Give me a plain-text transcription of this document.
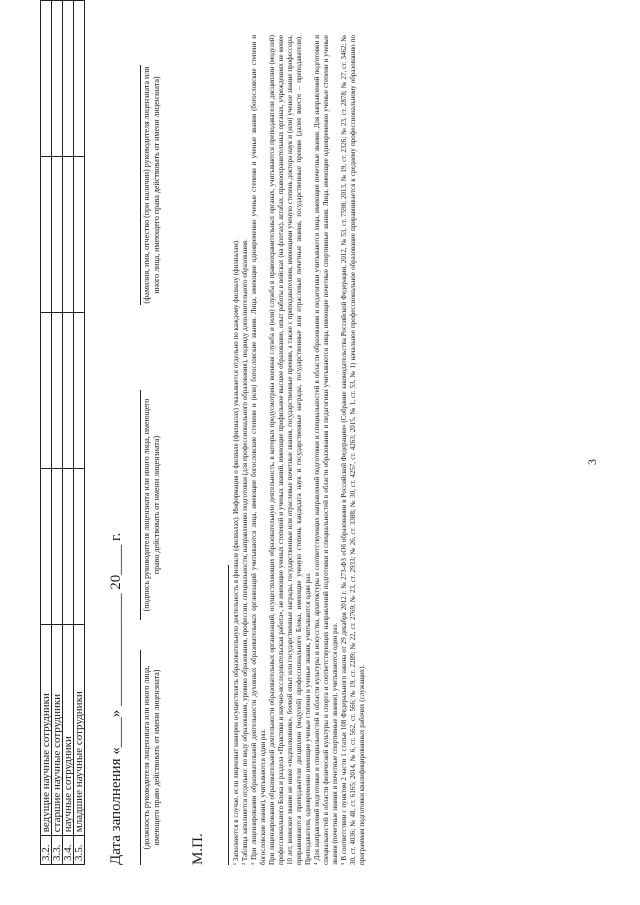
3
3.2.	ведущие научные сотрудники				
3.3.	старшие научные сотрудники				
3.4.	научные сотрудники				
3.5.	младшие научные сотрудники				Дата заполнения «____» _______________ 20____ г. (должность руководителя лицензиата или иного лица, имеющего право действовать от имени лицензиата)
(подпись руководителя лицензиата или иного лица, имеющего право действовать от имени лицензиата)
(фамилия, имя, отчество (при наличии) руководителя лицензиата или иного лица, имеющего права действовать от имени лицензиата)
М.П.	¹ Заполняется в случае, если лицензиат намерен осуществлять образовательную деятельность в филиале (филиалах). Информация о филиале (филиалах) указывается отдельно по каждому филиалу (филиалам). ² Таблица заполняется отдельно: по виду образования, уровню образования, профессии, специальности, направлению подготовки (для профессионального образования), подвиду дополнительного образования. ³ При лицензировании образовательной деятельности духовных образовательных организаций учитываются лица, имеющие богословские степени и (или) богословские звания. Лица, имеющие одновременно ученые степени и ученые звания (богословские степени и богословские звания), учитываются один раз. При лицензировании образовательной деятельности образовательных организаций, осуществляющих образовательную деятельность, в которых предусмотрена военная служба и (или) служба в правоохранительных органах, учитываются преподаватели дисциплин (модулей) профессионального Блока и раздела «Практики и научно-исследовательская работа», не имеющие ученых степеней и ученых званий, имеющие профильное высшее образование, опыт работы в войсках (на флотах), штабах, правоохранительных органах, учреждениях не менее 10 лет, воинское звание не ниже «подполковник», боевой опыт или государственные награды, государственные или отраслевые почетные звания, государственные премии, а также с преподавателями, имеющими ученую степень доктора наук и (или) ученое звание профессора, приравниваются преподаватели дисциплин (модулей) профессионального Блока, имеющие ученую степень кандидата наук и государственные награды, государственные или отраслевые почетные звания, государственные премии (далее вместе – преподаватели). Преподаватели, одновременно имеющие ученые степени и ученые звания, учитываются один раз. ⁴ Для направлений подготовки и специальностей в области культуры и искусства, архитектуры и соответствующих направлений подготовки и специальностей в области образования и педагогики учитываются лица, имеющие почетные звания. Для направлений подготовки и специальностей в области физической культуры и спорта и соответствующих направлений подготовки и специальностей в области образования и педагогики учитываются лица, имеющие почетные спортивные звания. Лица, имеющие одновременно ученые степени и ученые звания (почетные звания и почетные спортивные звания), учитываются один раз. ⁵ В соответствии с пунктом 2 части 1 статьи 108 Федерального закона от 29 декабря 2012 г. № 273-ФЗ «Об образовании в Российской Федерации» (Собрание законодательства Российской Федерации, 2012, № 53, ст. 7598; 2013, № 19, ст. 2326; № 23, ст. 2878; № 27, ст. 3462; № 30, ст. 4036; № 48, ст. 6165; 2014, № 6, ст. 562, ст. 566; № 19, ст. 2289; № 22, ст. 2769; № 23, ст. 2933; № 26, ст. 3388; № 30, ст. 4257, ст. 4263; 2015, № 1, ст. 53, № 1) начальное профессиональное образование приравнивается к среднему профессиональному образованию по программам подготовки квалифицированных рабочих (служащих).
